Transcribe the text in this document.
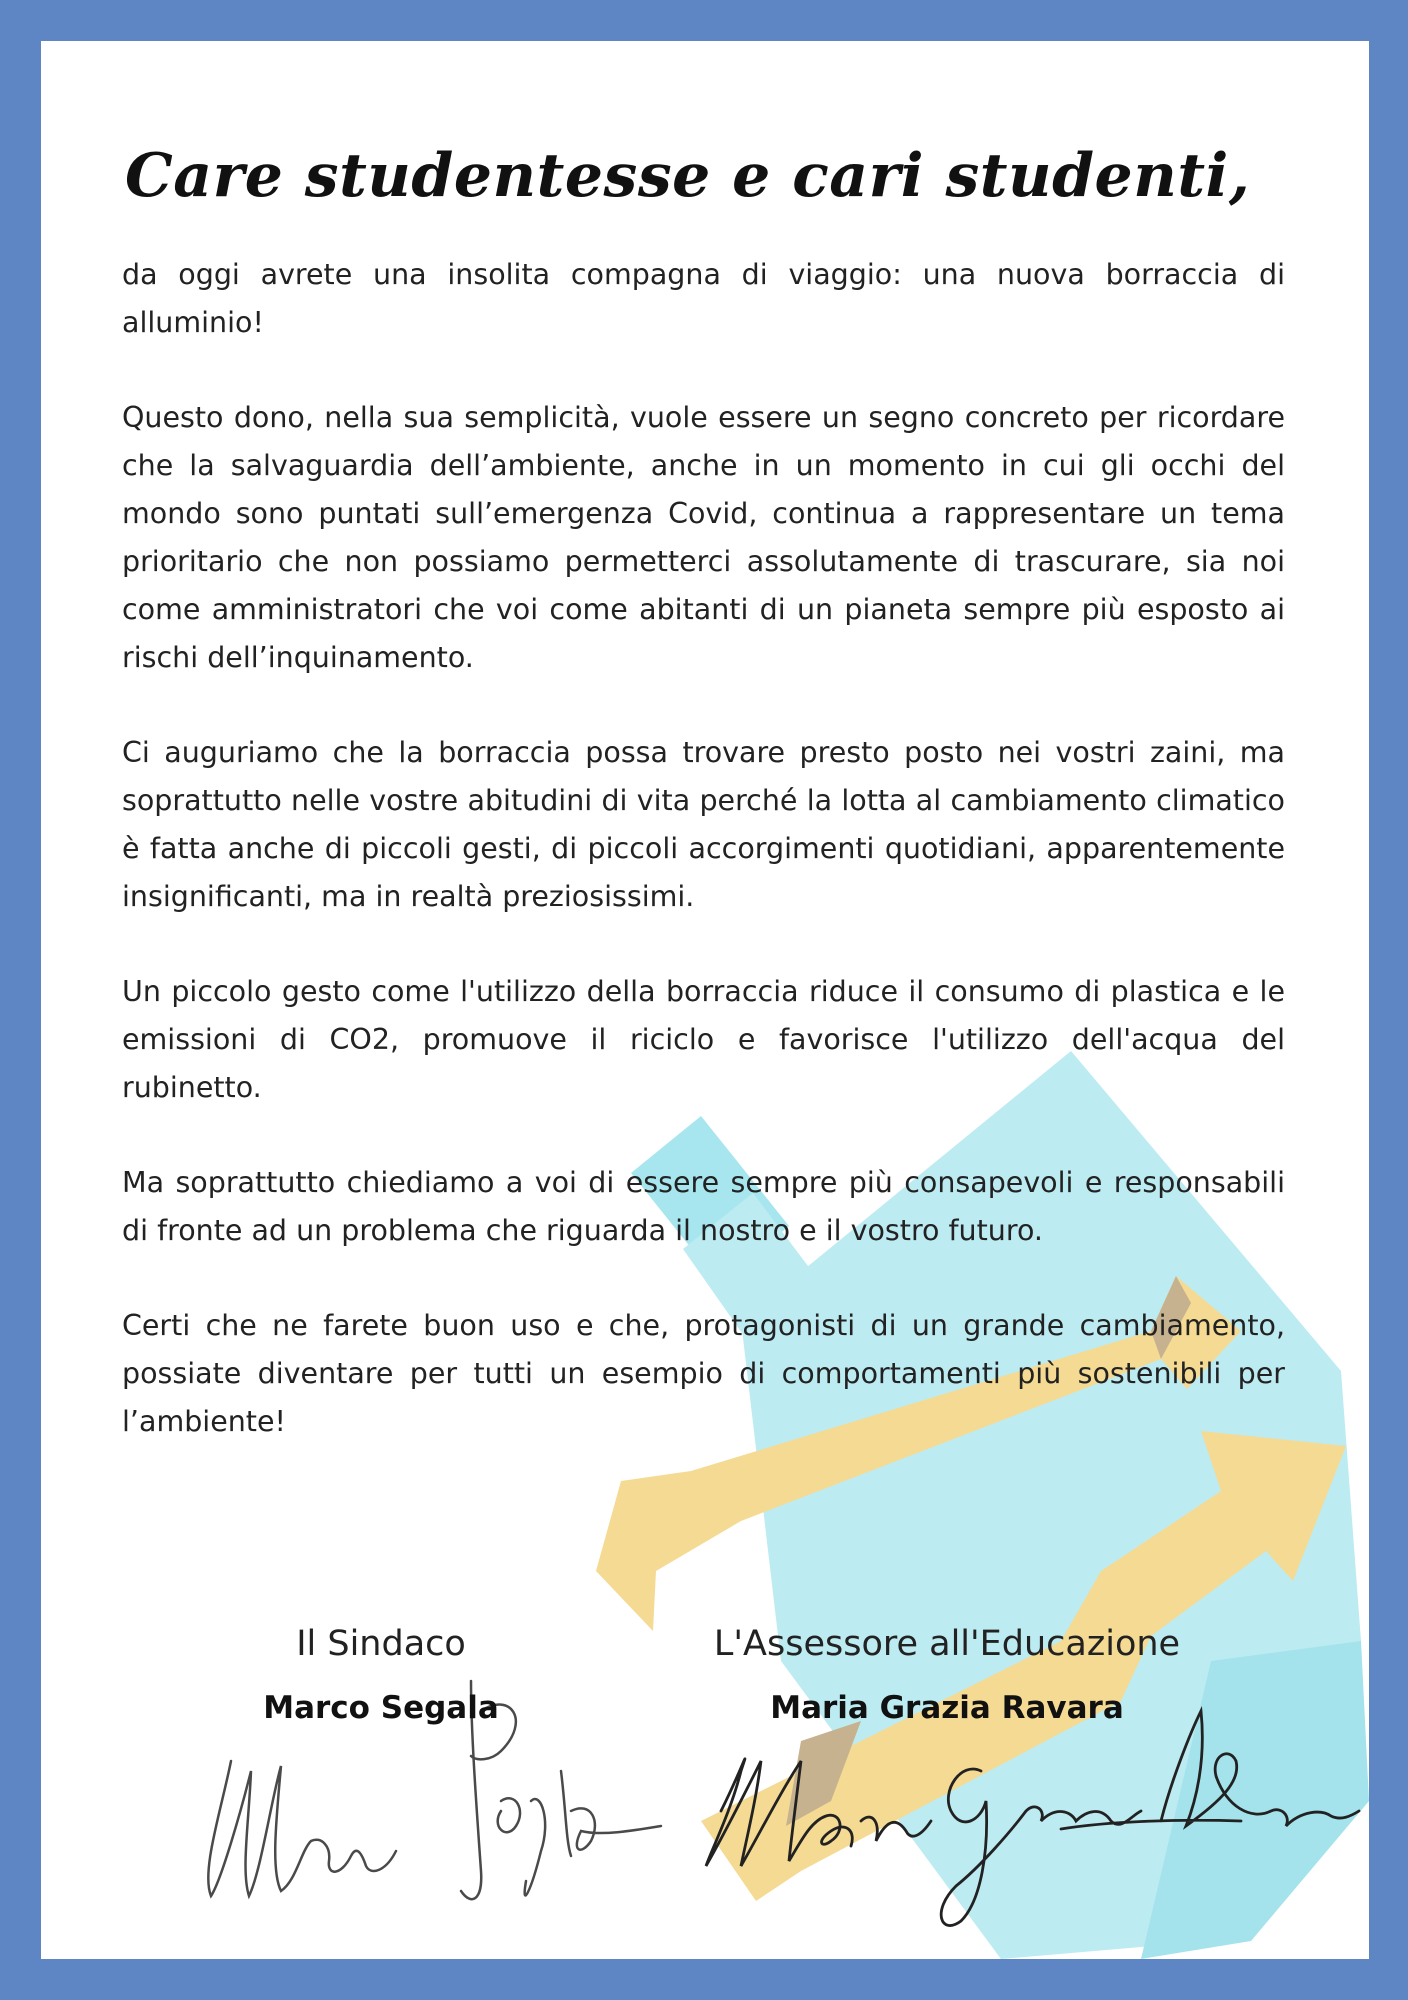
Care studentesse e cari studenti,

da oggi avrete una insolita compagna di viaggio: una nuova borraccia di alluminio!

Questo dono, nella sua semplicità, vuole essere un segno concreto per ricordare che la salvaguardia dell’ambiente, anche in un momento in cui gli occhi del mondo sono puntati sull’emergenza Covid, continua a rappresentare un tema prioritario che non possiamo permetterci assolutamente di trascurare, sia noi come amministratori che voi come abitanti di un pianeta sempre più esposto ai rischi dell’inquinamento.

Ci auguriamo che la borraccia possa trovare presto posto nei vostri zaini, ma soprattutto nelle vostre abitudini di vita perché la lotta al cambiamento climatico è fatta anche di piccoli gesti, di piccoli accorgimenti quotidiani, apparentemente insignificanti, ma in realtà preziosissimi.

Un piccolo gesto come l'utilizzo della borraccia riduce il consumo di plastica e le emissioni di CO2, promuove il riciclo e favorisce l'utilizzo dell'acqua del rubinetto.

Ma soprattutto chiediamo a voi di essere sempre più consapevoli e responsabili di fronte ad un problema che riguarda il nostro e il vostro futuro.

Certi che ne farete buon uso e che, protagonisti di un grande cambiamento, possiate diventare per tutti un esempio di comportamenti più sostenibili per l’ambiente!

Il Sindaco
Marco Segala
L'Assessore all'Educazione
Maria Grazia Ravara
